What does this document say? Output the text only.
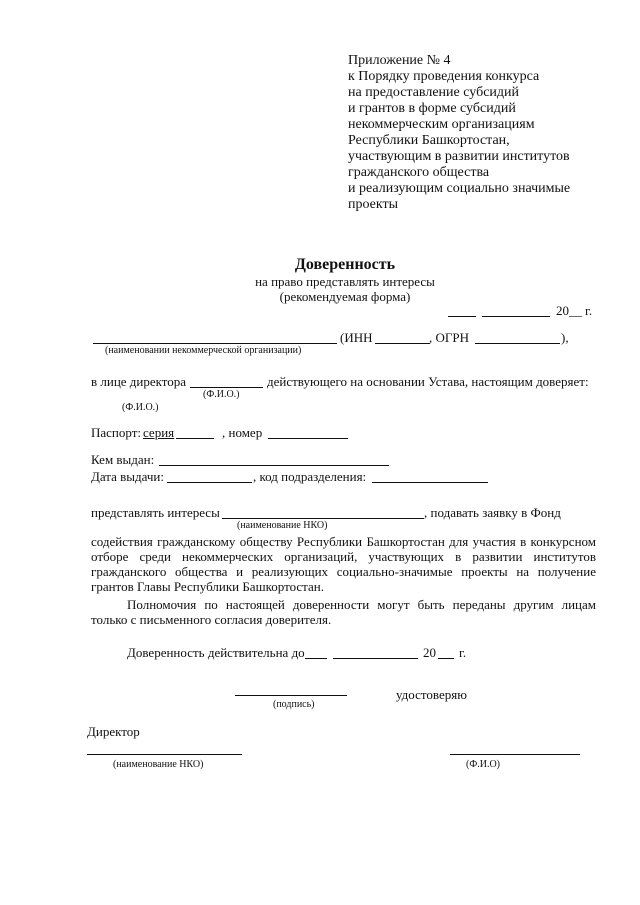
Приложение № 4
к Порядку проведения конкурса
на предоставление субсидий
и грантов в форме субсидий
некоммерческим организациям
Республики Башкортостан,
участвующим в развитии институтов
гражданского общества
и реализующим социально значимые
проекты
Доверенность
на право представлять интересы
(рекомендуемая форма)
20__ г.
(ИНН	, ОГРН	),
(наименовании некоммерческой организации)
в лице директора	действующего на основании Устава, настоящим доверяет:
(Ф.И.О.)
(Ф.И.О.)
Паспорт: серия	, номер
Кем выдан:
Дата выдачи:	, код подразделения:
представлять интересы	, подавать заявку в Фонд
(наименование НКО)
содействия гражданскому обществу Республики Башкортостан для участия в конкурсном
отборе среди некоммерческих организаций, участвующих в развитии институтов
гражданского общества и реализующих социально-значимые проекты на получение
грантов Главы Республики Башкортостан.
Полномочия по настоящей доверенности могут быть переданы другим лицам
только с письменного согласия доверителя.
Доверенность действительна до	20 г.
удостоверяю
(подпись)
Директор
(наименование НКО)	(Ф.И.О)
